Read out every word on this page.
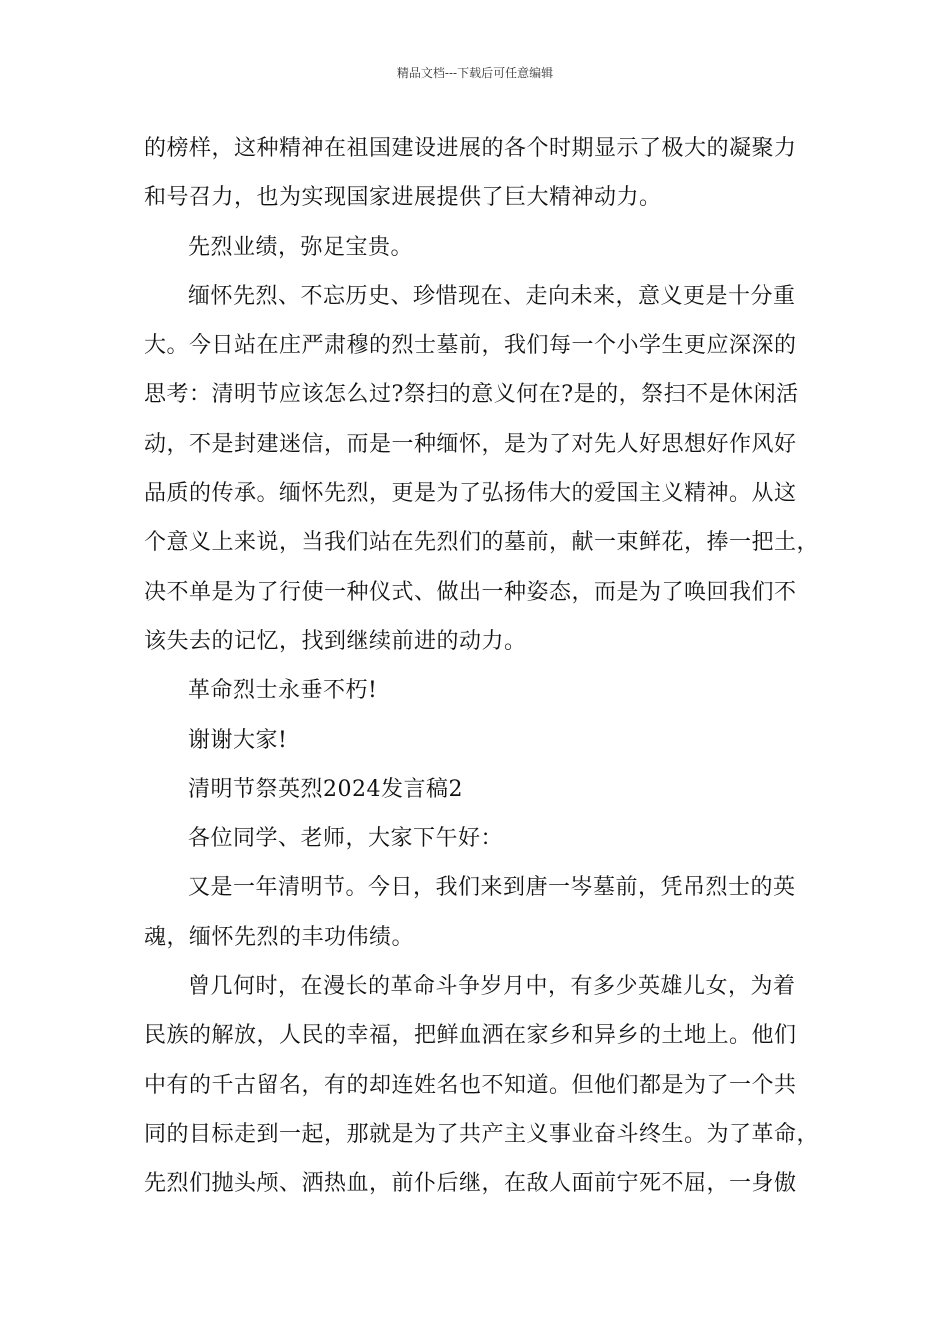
精品文档---下载后可任意编辑
的榜样，这种精神在祖国建设进展的各个时期显示了极大的凝聚力
和号召力，也为实现国家进展提供了巨大精神动力。
先烈业绩，弥足宝贵。
缅怀先烈、不忘历史、珍惜现在、走向未来，意义更是十分重
大。今日站在庄严肃穆的烈士墓前，我们每一个小学生更应深深的
思考：清明节应该怎么过?祭扫的意义何在?是的，祭扫不是休闲活
动，不是封建迷信，而是一种缅怀，是为了对先人好思想好作风好
品质的传承。缅怀先烈，更是为了弘扬伟大的爱国主义精神。从这
个意义上来说，当我们站在先烈们的墓前，献一束鲜花，捧一把土，
决不单是为了行使一种仪式、做出一种姿态，而是为了唤回我们不
该失去的记忆，找到继续前进的动力。
革命烈士永垂不朽!
谢谢大家!
清明节祭英烈2024发言稿2
各位同学、老师，大家下午好：
又是一年清明节。今日，我们来到唐一岑墓前，凭吊烈士的英
魂，缅怀先烈的丰功伟绩。
曾几何时，在漫长的革命斗争岁月中，有多少英雄儿女，为着
民族的解放，人民的幸福，把鲜血洒在家乡和异乡的土地上。他们
中有的千古留名，有的却连姓名也不知道。但他们都是为了一个共
同的目标走到一起，那就是为了共产主义事业奋斗终生。为了革命，
先烈们抛头颅、洒热血，前仆后继，在敌人面前宁死不屈，一身傲
